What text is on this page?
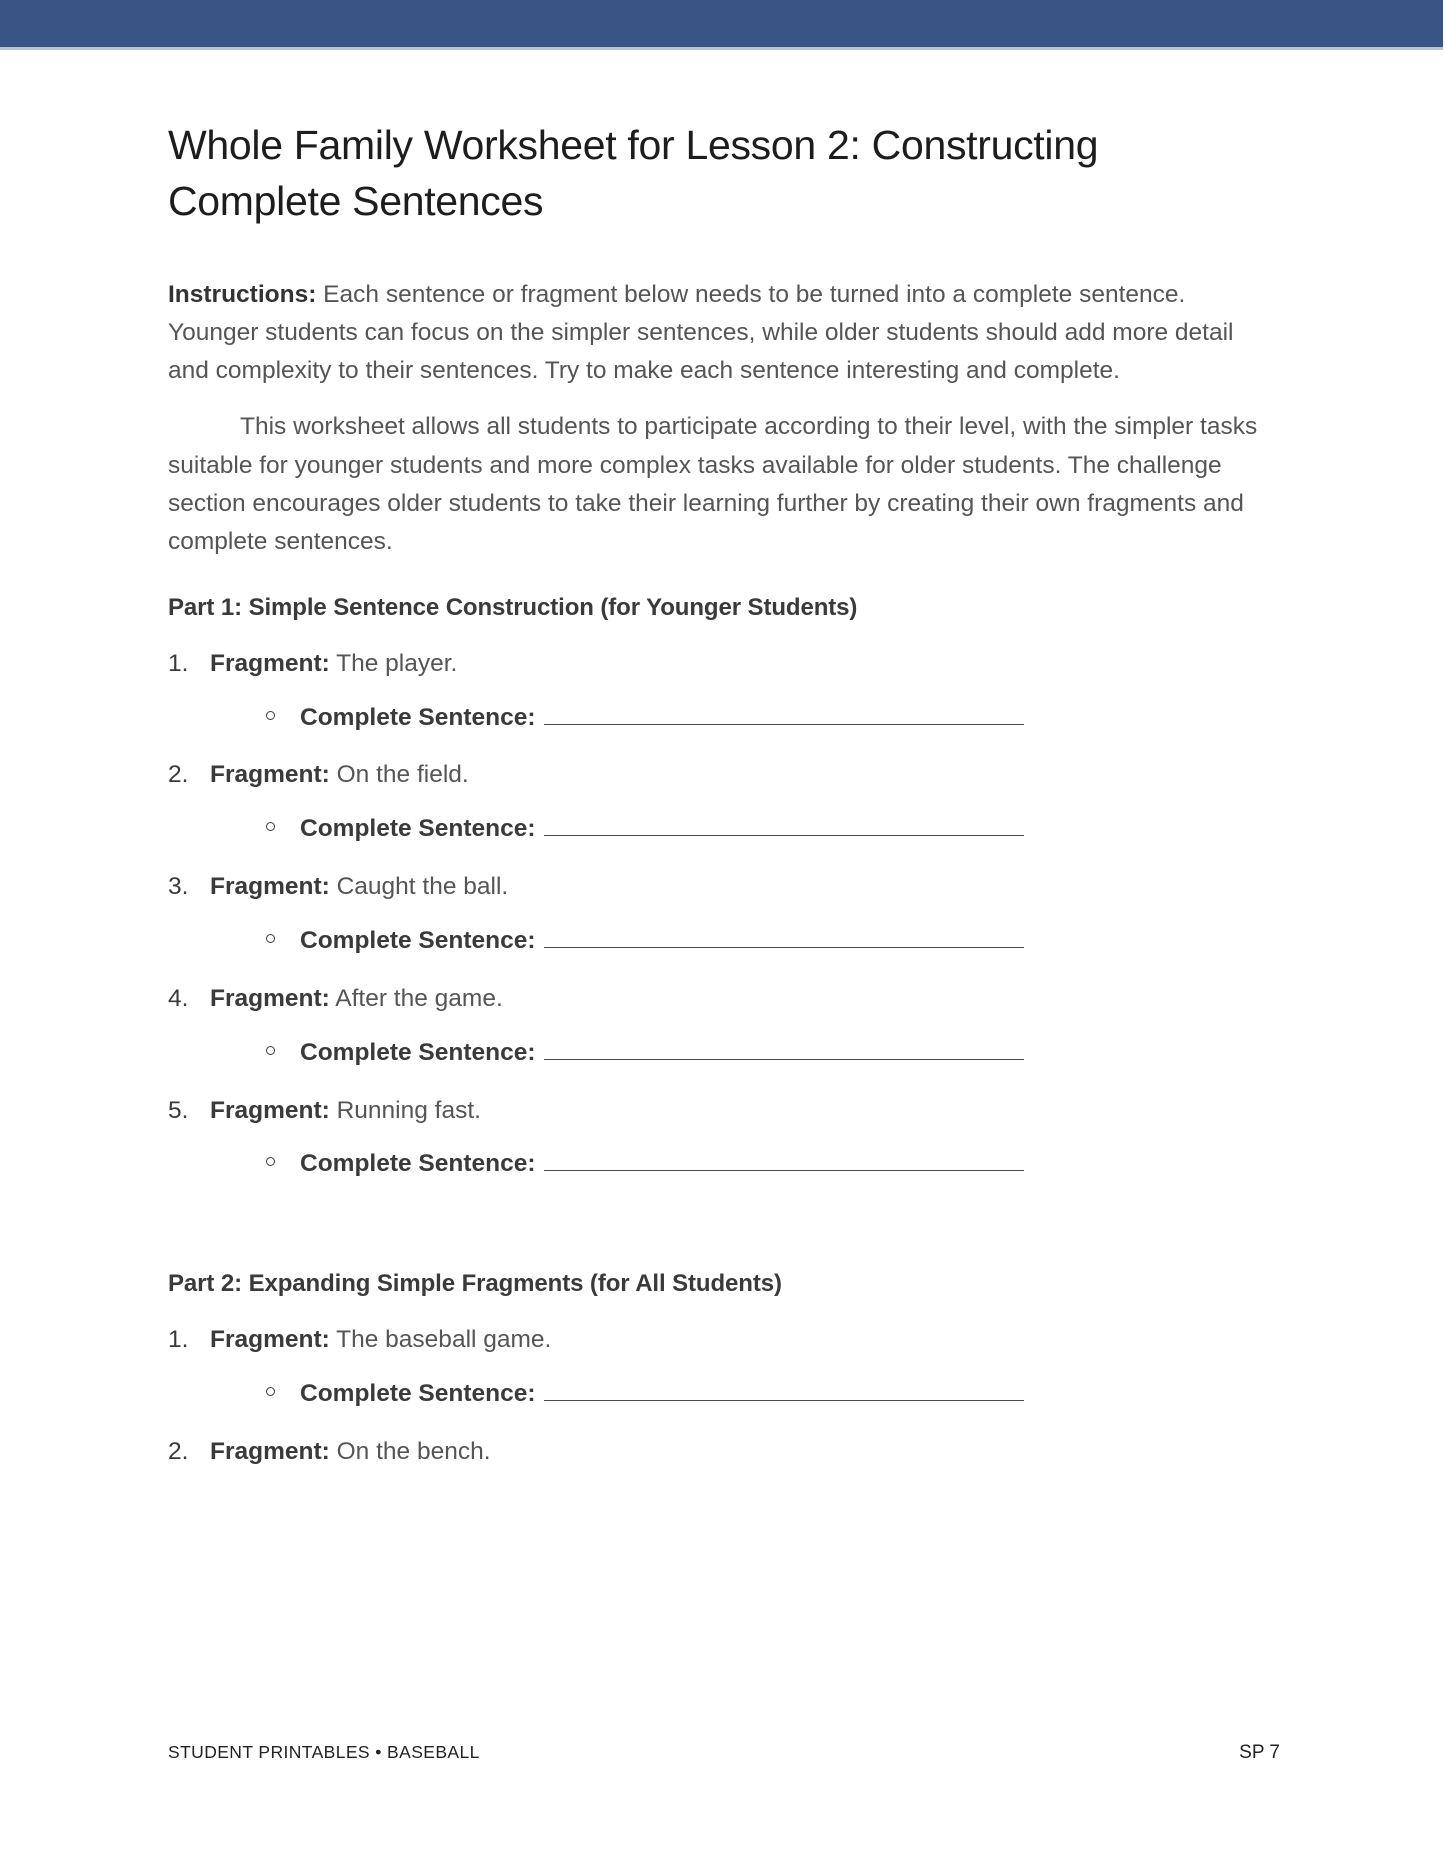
Whole Family Worksheet for Lesson 2: Constructing Complete Sentences

Instructions: Each sentence or fragment below needs to be turned into a complete sentence. Younger students can focus on the simpler sentences, while older students should add more detail and complexity to their sentences. Try to make each sentence interesting and complete.

This worksheet allows all students to participate according to their level, with the simpler tasks suitable for younger students and more complex tasks available for older students. The challenge section encourages older students to take their learning further by creating their own fragments and complete sentences.

Part 1: Simple Sentence Construction (for Younger Students)
1. Fragment: The player.
Complete Sentence:
2. Fragment: On the field.
Complete Sentence:
3. Fragment: Caught the ball.
Complete Sentence:
4. Fragment: After the game.
Complete Sentence:
5. Fragment: Running fast.
Complete Sentence:
Part 2: Expanding Simple Fragments (for All Students)
1. Fragment: The baseball game.
Complete Sentence:
2. Fragment: On the bench.
STUDENT PRINTABLES • BASEBALL	SP 7
